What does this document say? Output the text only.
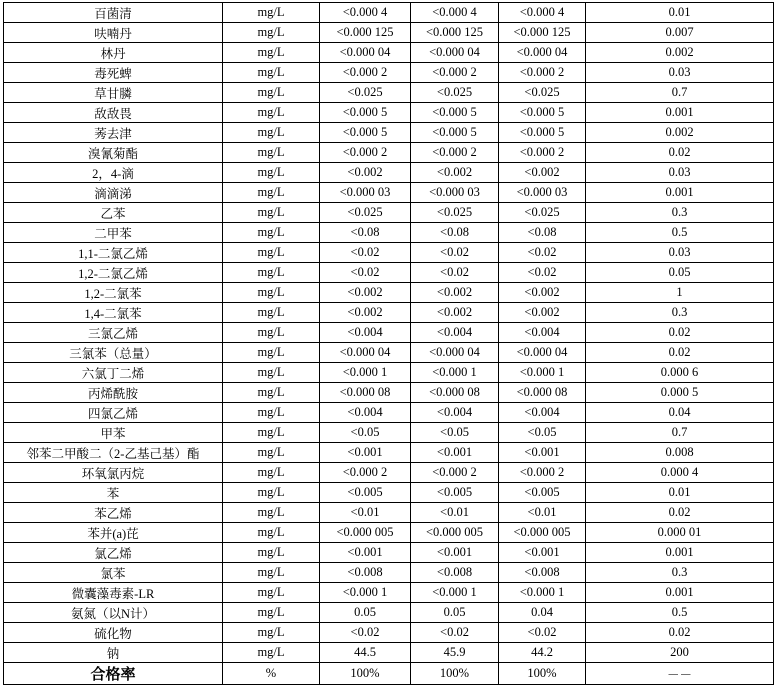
百菌清	mg/L	<0.000 4	<0.000 4	<0.000 4	0.01
呋喃丹	mg/L	<0.000 125	<0.000 125	<0.000 125	0.007
林丹	mg/L	<0.000 04	<0.000 04	<0.000 04	0.002
毒死蜱	mg/L	<0.000 2	<0.000 2	<0.000 2	0.03
草甘膦	mg/L	<0.025	<0.025	<0.025	0.7
敌敌畏	mg/L	<0.000 5	<0.000 5	<0.000 5	0.001
莠去津	mg/L	<0.000 5	<0.000 5	<0.000 5	0.002
溴氰菊酯	mg/L	<0.000 2	<0.000 2	<0.000 2	0.02
2，4-滴	mg/L	<0.002	<0.002	<0.002	0.03
滴滴涕	mg/L	<0.000 03	<0.000 03	<0.000 03	0.001
乙苯	mg/L	<0.025	<0.025	<0.025	0.3
二甲苯	mg/L	<0.08	<0.08	<0.08	0.5
1,1-二氯乙烯	mg/L	<0.02	<0.02	<0.02	0.03
1,2-二氯乙烯	mg/L	<0.02	<0.02	<0.02	0.05
1,2-二氯苯	mg/L	<0.002	<0.002	<0.002	1
1,4-二氯苯	mg/L	<0.002	<0.002	<0.002	0.3
三氯乙烯	mg/L	<0.004	<0.004	<0.004	0.02
三氯苯（总量）	mg/L	<0.000 04	<0.000 04	<0.000 04	0.02
六氯丁二烯	mg/L	<0.000 1	<0.000 1	<0.000 1	0.000 6
丙烯酰胺	mg/L	<0.000 08	<0.000 08	<0.000 08	0.000 5
四氯乙烯	mg/L	<0.004	<0.004	<0.004	0.04
甲苯	mg/L	<0.05	<0.05	<0.05	0.7
邻苯二甲酸二（2-乙基己基）酯	mg/L	<0.001	<0.001	<0.001	0.008
环氧氯丙烷	mg/L	<0.000 2	<0.000 2	<0.000 2	0.000 4
苯	mg/L	<0.005	<0.005	<0.005	0.01
苯乙烯	mg/L	<0.01	<0.01	<0.01	0.02
苯并(a)芘	mg/L	<0.000 005	<0.000 005	<0.000 005	0.000 01
氯乙烯	mg/L	<0.001	<0.001	<0.001	0.001
氯苯	mg/L	<0.008	<0.008	<0.008	0.3
微囊藻毒素-LR	mg/L	<0.000 1	<0.000 1	<0.000 1	0.001
氨氮（以N计）	mg/L	0.05	0.05	0.04	0.5
硫化物	mg/L	<0.02	<0.02	<0.02	0.02
钠	mg/L	44.5	45.9	44.2	200
合格率	%	100%	100%	100%	－－
